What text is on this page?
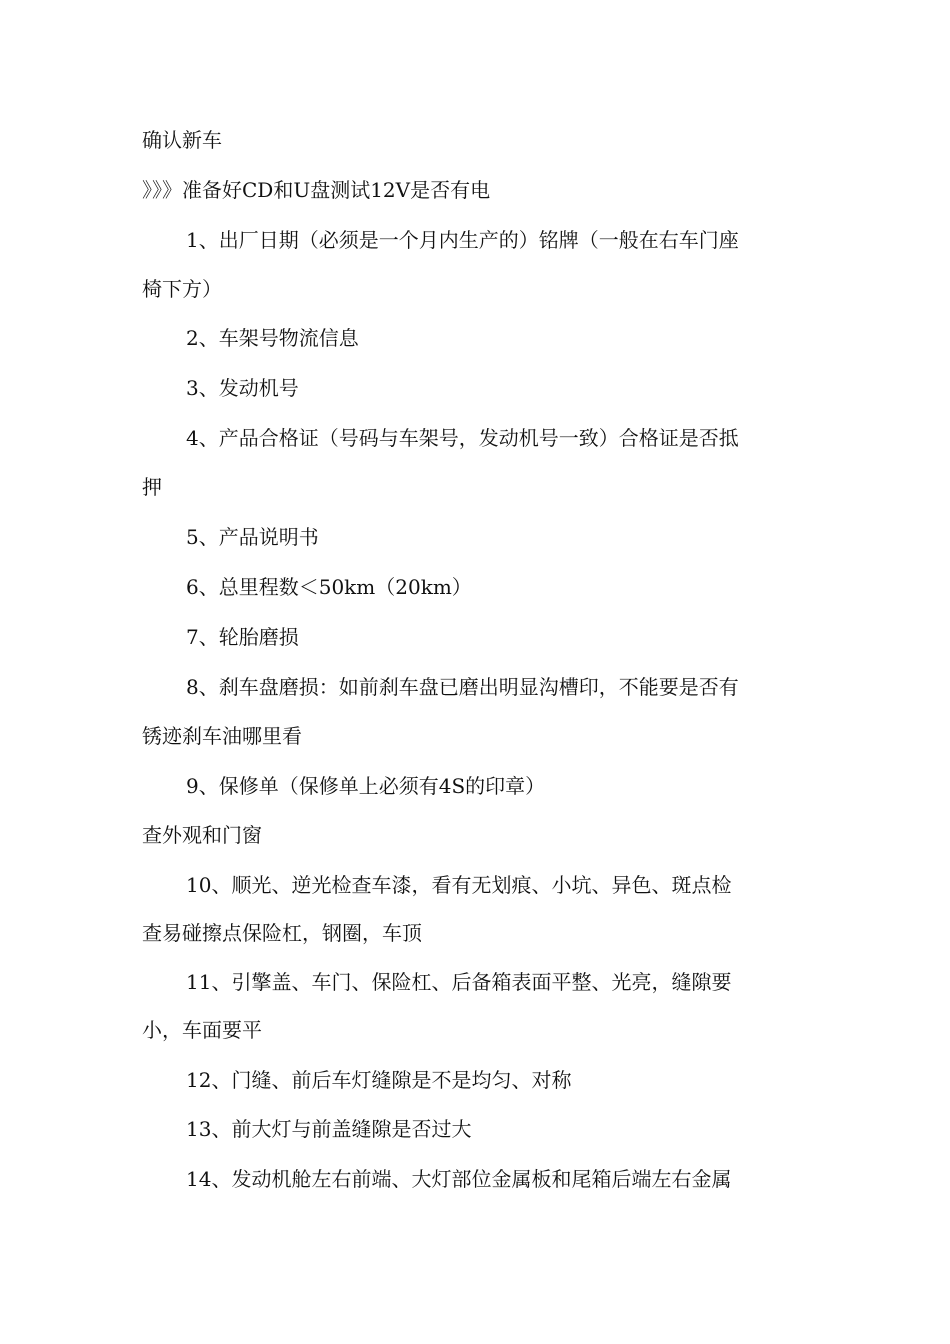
确认新车
》》》准备好CD和U盘测试12V是否有电
1、出厂日期（必须是一个月内生产的）铭牌（一般在右车门座
椅下方）
2、车架号物流信息
3、发动机号
4、产品合格证（号码与车架号，发动机号一致）合格证是否抵
押
5、产品说明书
6、总里程数＜50km（20km）
7、轮胎磨损
8、刹车盘磨损：如前刹车盘已磨出明显沟槽印，不能要是否有
锈迹刹车油哪里看
9、保修单（保修单上必须有4S的印章）
查外观和门窗
10、顺光、逆光检查车漆，看有无划痕、小坑、异色、斑点检
查易碰擦点保险杠，钢圈，车顶
11、引擎盖、车门、保险杠、后备箱表面平整、光亮，缝隙要
小，车面要平
12、门缝、前后车灯缝隙是不是均匀、对称
13、前大灯与前盖缝隙是否过大
14、发动机舱左右前端、大灯部位金属板和尾箱后端左右金属
